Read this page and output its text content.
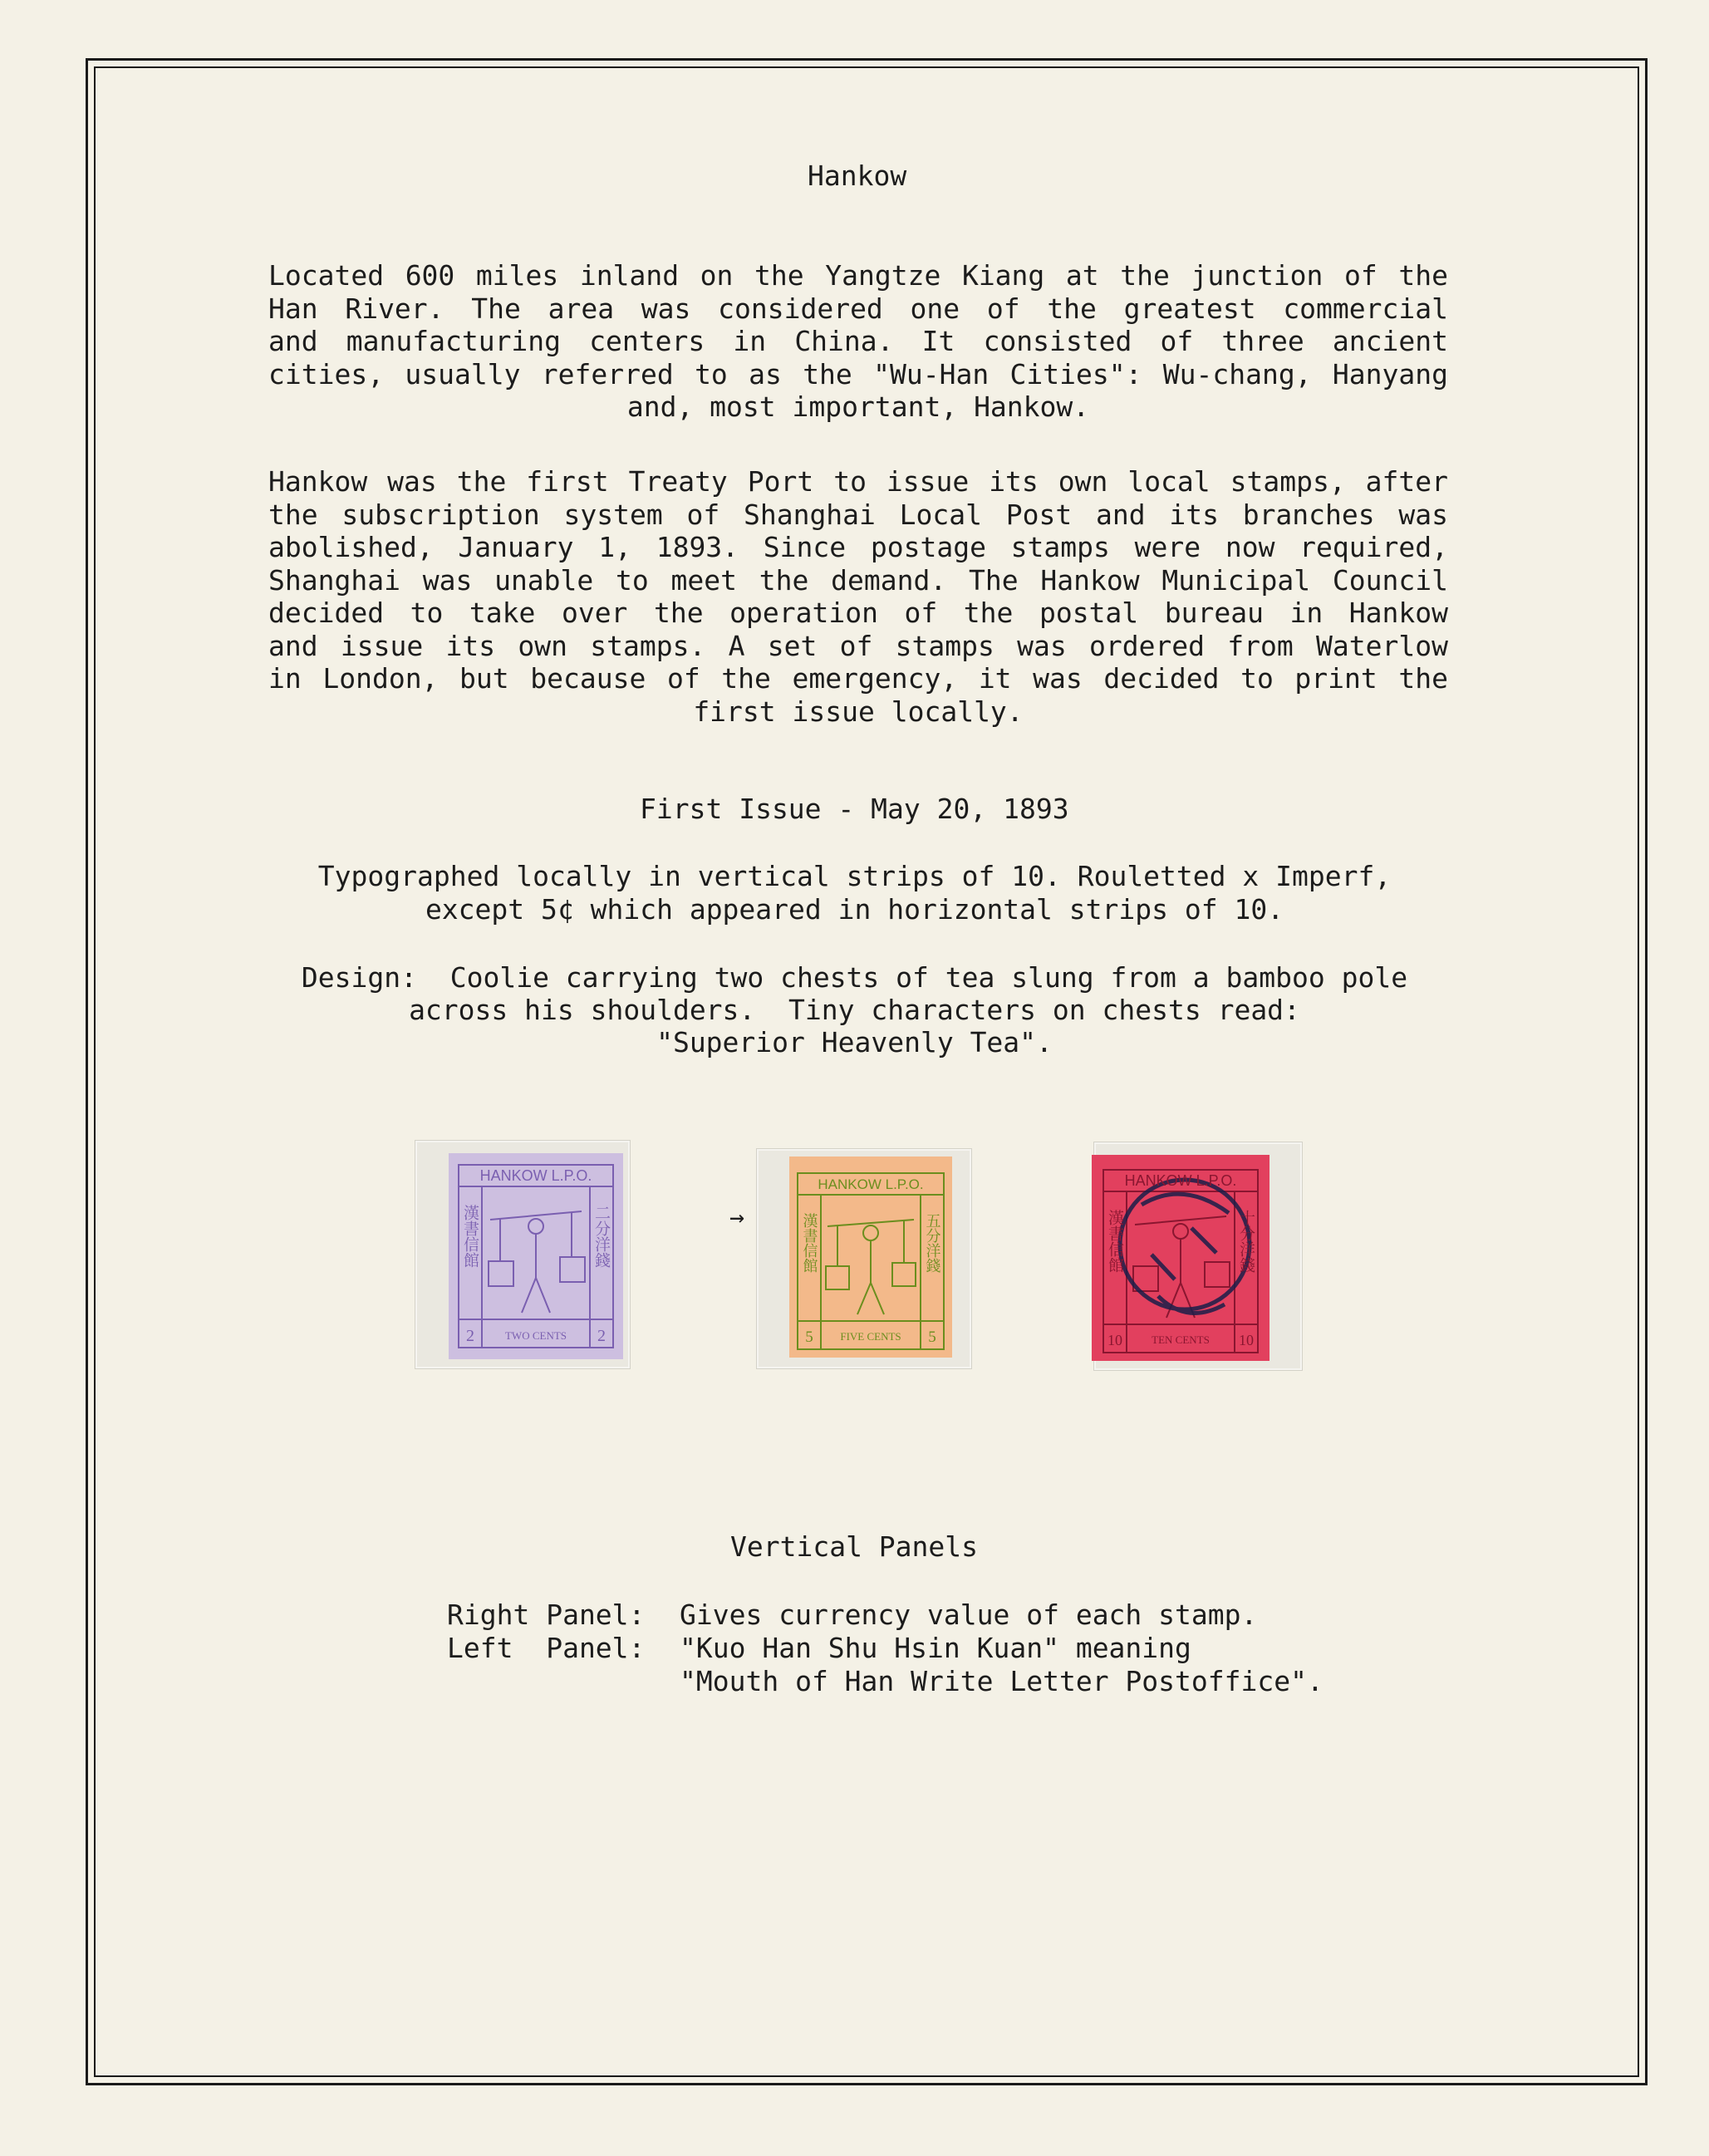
Hankow
Located 600 miles inland on the Yangtze Kiang at the junction of the
Han River. The area was considered one of the greatest commercial
and manufacturing centers in China. It consisted of three ancient
cities, usually referred to as the "Wu-Han Cities": Wu-chang, Hanyang
and, most important, Hankow.
Hankow was the first Treaty Port to issue its own local stamps, after
the subscription system of Shanghai Local Post and its branches was
abolished, January 1, 1893. Since postage stamps were now required,
Shanghai was unable to meet the demand. The Hankow Municipal Council
decided to take over the operation of the postal bureau in Hankow
and issue its own stamps. A set of stamps was ordered from Waterlow
in London, but because of the emergency, it was decided to print the
first issue locally.
First Issue - May 20, 1893
Typographed locally in vertical strips of 10. Rouletted x Imperf,
except 5¢ which appeared in horizontal strips of 10.
Design:  Coolie carrying two chests of tea slung from a bamboo pole
across his shoulders.  Tiny characters on chests read:
"Superior Heavenly Tea".
HANKOW L.P.O.
漢書信館	二分洋錢
2	TWO CENTS 2
→
HANKOW L.P.O.
漢書信館	五分洋錢
5	FIVE CENTS 5
HANKOW L.P.O.
漢書信館	十分洋錢
10	TEN CENTS 10
Vertical Panels
Right Panel: Gives currency value of each stamp.
Left  Panel: "Kuo Han Shu Hsin Kuan" meaning
"Mouth of Han Write Letter Postoffice".
